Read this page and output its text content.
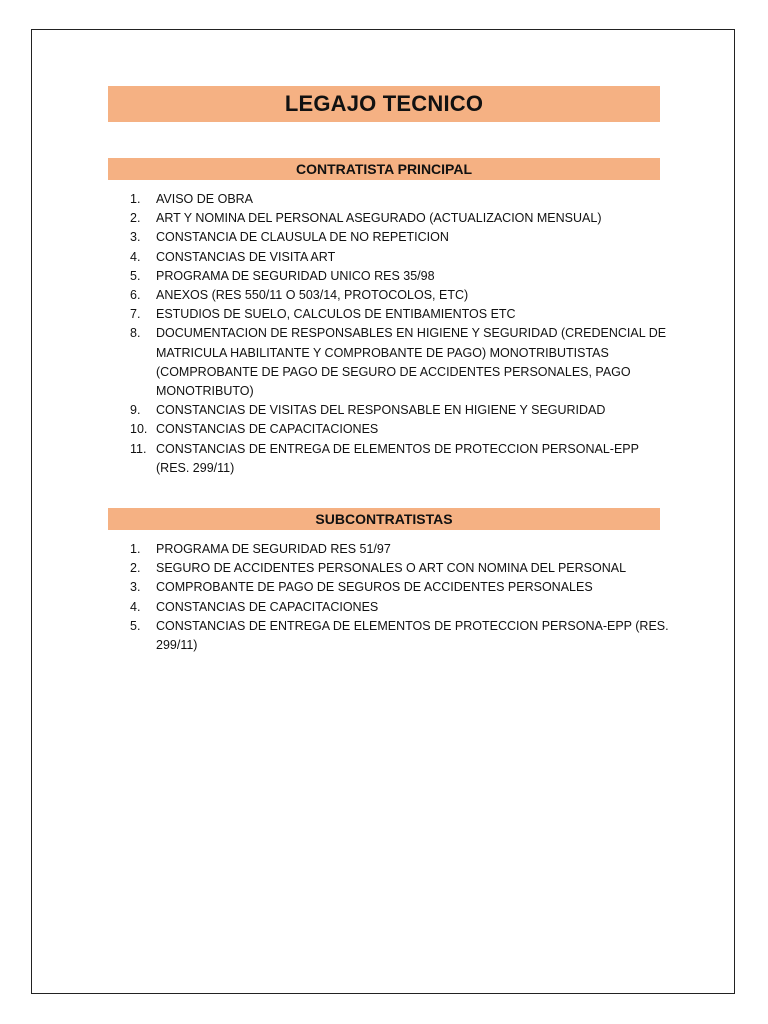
LEGAJO TECNICO
CONTRATISTA PRINCIPAL
1.	AVISO DE OBRA
2.	ART Y NOMINA DEL PERSONAL ASEGURADO (ACTUALIZACION MENSUAL)
3.	CONSTANCIA DE CLAUSULA DE NO REPETICION
4.	CONSTANCIAS DE VISITA ART
5.	PROGRAMA DE SEGURIDAD UNICO RES 35/98
6.	ANEXOS (RES 550/11 O 503/14, PROTOCOLOS, ETC)
7.	ESTUDIOS DE SUELO, CALCULOS DE ENTIBAMIENTOS ETC
8.	DOCUMENTACION DE RESPONSABLES EN HIGIENE Y SEGURIDAD (CREDENCIAL DE MATRICULA HABILITANTE Y COMPROBANTE DE PAGO) MONOTRIBUTISTAS (COMPROBANTE DE PAGO DE SEGURO DE ACCIDENTES PERSONALES, PAGO MONOTRIBUTO)
9.	CONSTANCIAS DE VISITAS DEL RESPONSABLE EN HIGIENE Y SEGURIDAD
10. CONSTANCIAS DE CAPACITACIONES
11. CONSTANCIAS DE ENTREGA DE ELEMENTOS DE PROTECCION PERSONAL-EPP (RES. 299/11)
SUBCONTRATISTAS
1.	PROGRAMA DE SEGURIDAD RES 51/97
2.	SEGURO DE ACCIDENTES PERSONALES O ART CON NOMINA DEL PERSONAL
3.	COMPROBANTE DE PAGO DE SEGUROS DE ACCIDENTES PERSONALES
4.	CONSTANCIAS DE CAPACITACIONES
5.	CONSTANCIAS DE ENTREGA DE ELEMENTOS DE PROTECCION PERSONA-EPP (RES. 299/11)
